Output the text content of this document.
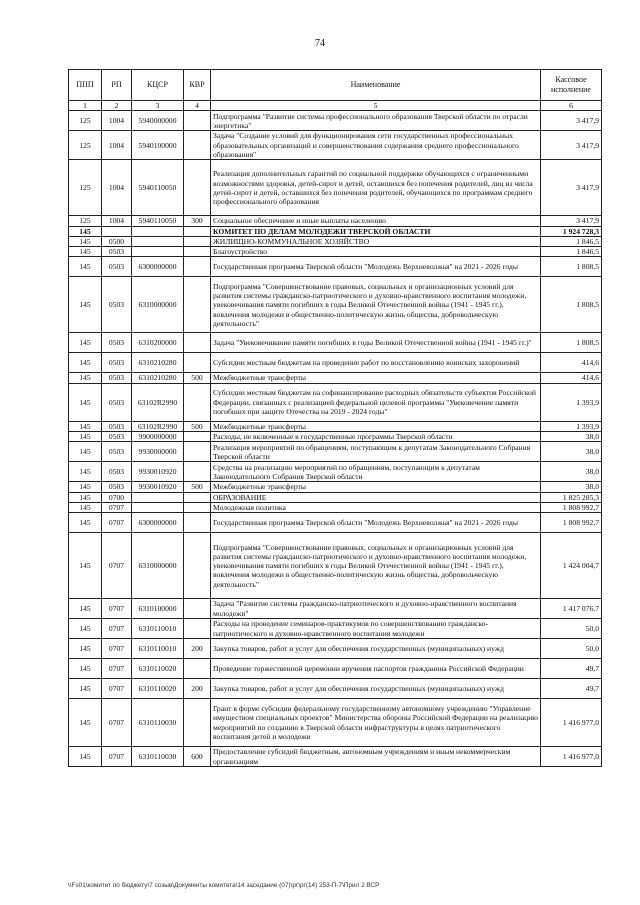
74
ППП	РП	КЦСР	КВР	Наименование	Кассовое исполнение
1	2	3	4	5	6
125	1004	5940000000		Подпрограмма "Развитие системы профессионального образования Тверской области по отрасли энергетика"	3 417,9
125	1004	5940100000		Задача "Создание условий для функционирования сети государственных профессиональных образовательных организаций и совершенствования содержания среднего профессионального образования"	3 417,9
125	1004	5940110050		Реализация дополнительных гарантий по социальной поддержке обучающихся с ограниченными возможностями здоровья, детей-сирот и детей, оставшихся без попечения родителей, лиц из числа детей-сирот и детей, оставшихся без попечения родителей, обучающихся по программам среднего профессионального образования	3 417,9
125	1004	5940110050	300	Социальное обеспечение и иные выплаты населению	3 417,9
145				КОМИТЕТ ПО ДЕЛАМ МОЛОДЕЖИ ТВЕРСКОЙ ОБЛАСТИ	1 924 728,3
145	0500			ЖИЛИЩНО-КОММУНАЛЬНОЕ ХОЗЯЙСТВО	1 846,5
145	0503			Благоустройство	1 846,5
145	0503	6300000000		Государственная программа Тверской области "Молодежь Верхневолжья" на 2021 - 2026 годы	1 808,5
145	0503	6310000000		Подпрограмма "Совершенствование правовых, социальных и организационных условий для развития системы гражданско-патриотического и духовно-нравственного воспитания молодежи, увековечивания памяти погибших в годы Великой Отечественной войны (1941 - 1945 гг.), вовлечения молодежи в общественно-политическую жизнь общества, добровольческую деятельность"	1 808,5
145	0503	6310200000		Задача "Увековечивание памяти погибших в годы Великой Отечественной войны (1941 - 1945 гг.)"	1 808,5
145	0503	6310210280		Субсидии местным бюджетам на проведение работ по восстановлению воинских захоронений	414,6
145	0503	6310210280	500	Межбюджетные трансферты	414,6
145	0503	63102R2990		Субсидии местным бюджетам на софинансирование расходных обязательств субъектов Российской Федерации, связанных с реализацией федеральной целевой программы "Увековечение памяти погибших при защите Отечества на 2019 - 2024 годы"	1 393,9
145	0503	63102R2990	500	Межбюджетные трансферты	1 393,9
145	0503	9900000000		Расходы, не включенные в государственные программы Тверской области	38,0
145	0503	9930000000		Реализация мероприятий по обращениям, поступающим к депутатам Законодательного Собрания Тверской области	38,0
145	0503	9930010920		Средства на реализацию мероприятий по обращениям, поступающим к депутатам Законодательного Собрания Тверской области	38,0
145	0503	9930010920	500	Межбюджетные трансферты	38,0
145	0700			ОБРАЗОВАНИЕ	1 825 285,3
145	0707			Молодежная политика	1 808 992,7
145	0707	6300000000		Государственная программа Тверской области "Молодежь Верхневолжья" на 2021 - 2026 годы	1 808 992,7
145	0707	6310000000		Подпрограмма "Совершенствование правовых, социальных и организационных условий для развития системы гражданско-патриотического и духовно-нравственного воспитания молодежи, увековечивания памяти погибших в годы Великой Отечественной войны (1941 - 1945 гг.), вовлечения молодежи в общественно-политическую жизнь общества, добровольческую деятельность"	1 424 004,7
145	0707	6310100000		Задача "Развитие системы гражданско-патриотического и духовно-нравственного воспитания молодежи"	1 417 076,7
145	0707	6310110010		Расходы на проведение семинаров-практикумов по совершенствованию гражданско-патриотического и духовно-нравственного воспитания молодежи	50,0
145	0707	6310110010	200	Закупка товаров, работ и услуг для обеспечения государственных (муниципальных) нужд	50,0
145	0707	6310110020		Проведение торжественной церемонии вручения паспортов гражданина Российской Федерации	49,7
145	0707	6310110020	200	Закупка товаров, работ и услуг для обеспечения государственных (муниципальных) нужд	49,7
145	0707	6310110030		Грант в форме субсидии федеральному государственному автономному учреждению "Управление имуществом специальных проектов" Министерства обороны Российской Федерации на реализацию мероприятий по созданию в Тверской области инфраструктуры в целях патриотического воспитания детей и молодежи	1 416 977,0
145	0707	6310110030	600	Предоставление субсидий бюджетным, автономным учреждениям и иным некоммерческим организациям	1 416 977,0
\\Fs01\комитет по бюджету\7 созыв\Документы комитета\14 заседание (07)\рг\рг(14) 253-П-7\Прил 2 ВСР
